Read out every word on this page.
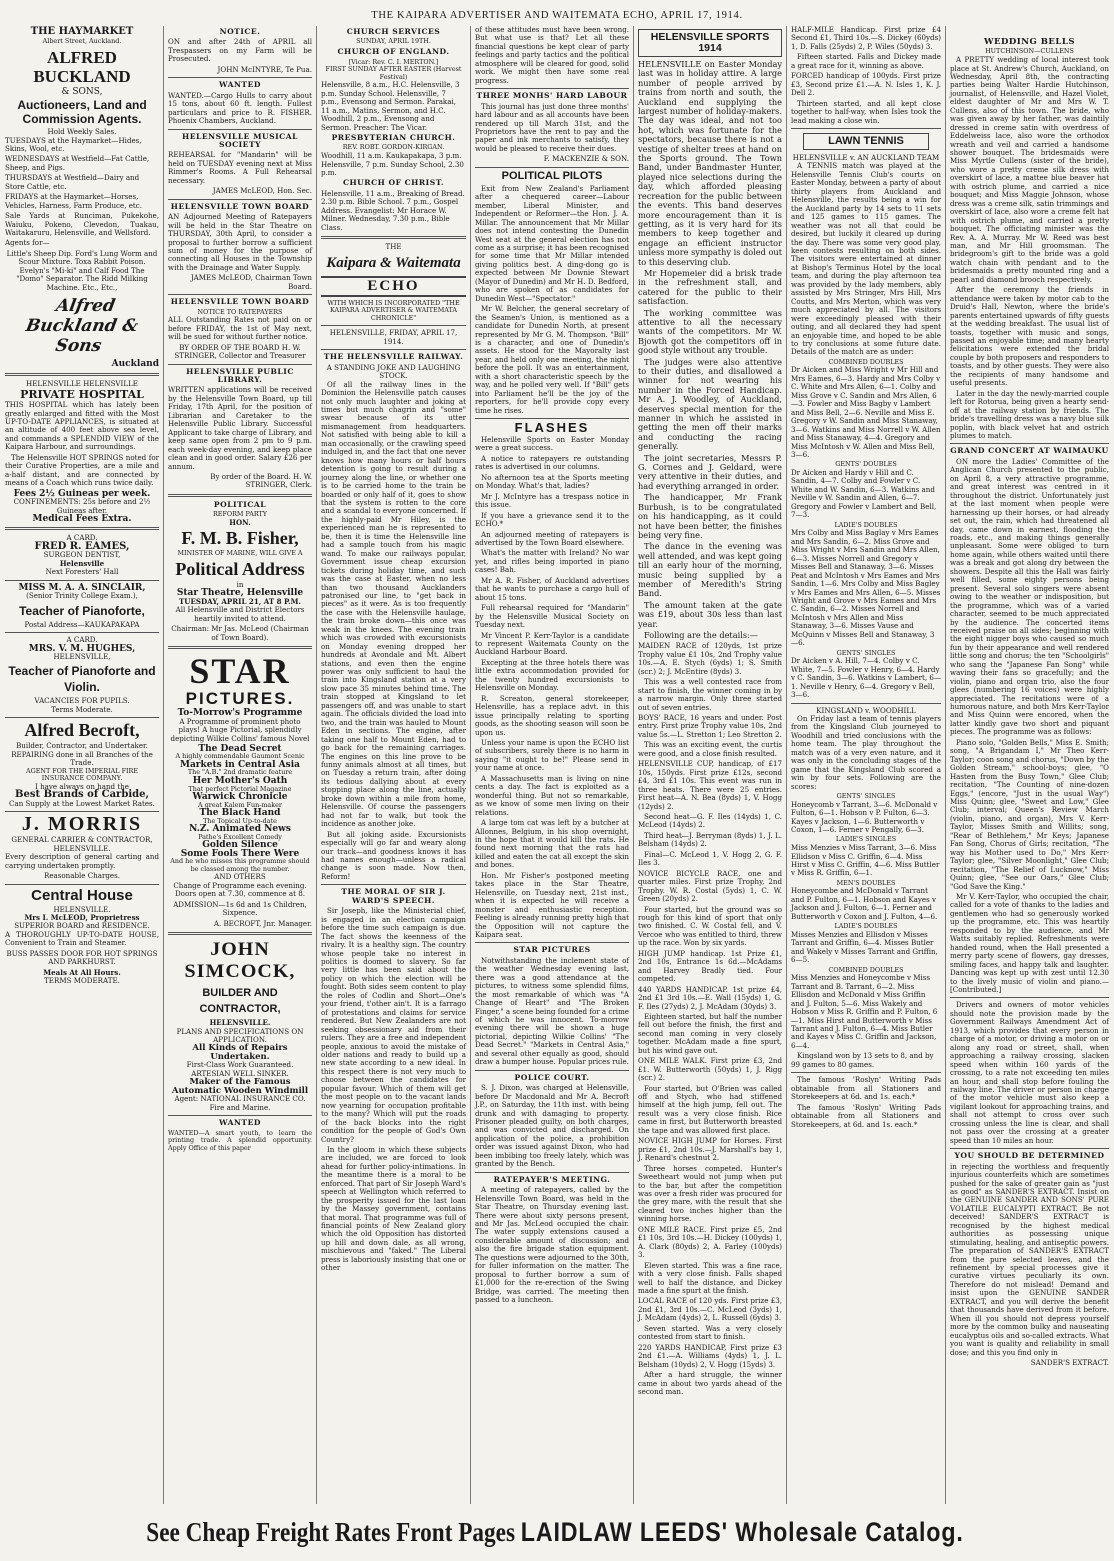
THE KAIPARA ADVERTISER AND WAITEMATA ECHO, APRIL 17, 1914.
THE HAYMARKET
Albert Street, Auckland.
ALFRED BUCKLAND
& SONS,
Auctioneers, Land and Commission Agents.
Hold Weekly Sales.

TUESDAYS at the Haymarket—Hides, Skins, Wool, etc.

WEDNESDAYS at Westfield—Fat Cattle, Sheep, and Pigs.

THURSDAYS at Westfield—Dairy and Store Cattle, etc.

FRIDAYS at the Haymarket—Horses, Vehicles, Harness, Farm Produce, etc.

Sale Yards at Runciman, Pukekohe, Waiuku, Pokeno, Clevedon, Tuakau, Waitakaruru, Helensville, and Wellsford.

Agents for—

Little's Sheep Dip. Ford's Lung Worm and Scour Mixture. Toxa Rabbit Poison. Evelyn's "Mi-ki" and Calf Food The "Domo" Separator. The Ridd Milking Machine. Etc., Etc.,

Alfred Buckland & Sons
Auckland
HELENSVILLE HELENSVILLE
PRIVATE HOSPITAL

THIS HOSPITAL which has lately been greatly enlarged and fitted with the Most UP-TO-DATE APPLIANCES, is situated at an altitude of 400 feet above sea level, and commands a SPLENDID VIEW of the Kaipara Harbour, and surroundings.

The Helensville HOT SPRINGS noted for their Curative Properties, are a mile and a-half distant, and are connected by means of a Coach which runs twice daily.

Fees 2½ Guineas per week.
CONFINEMENTS: 25s before and 2½ Guineas after.
Medical Fees Extra.
A CARD.
FRED R. EAMES,
SURGEON DENTIST,
Helensville
Next Foresters' Hall
MISS M. A. A. SINCLAIR,
(Senior Trinity College Exam.),
Teacher of Pianoforte,
Postal Address—KAUKAPAKAPA
A CARD.
MRS. V. M. HUGHES,
HELENSVILLE,
Teacher of Pianoforte and Violin.
VACANCIES FOR PUPILS.
Terms Moderate.
Alfred Becroft,
Builder, Contractor, and Undertaker.
REPAIRING done in all Branches of the Trade.
AGENT FOR THE IMPERIAL FIRE INSURANCE COMPANY.
I have always on hand the
Best Brands of Carbide,
Can Supply at the Lowest Market Rates.
J. MORRIS
GENERAL CARRIER & CONTRACTOR, HELENSVILLE.

Every description of general carting and carrying undertaken promptly.

Reasonable Charges.
Central House
HELENSVILLE.
Mrs I. McLEOD, Proprietress
SUPERIOR BOARD and RESIDENCE.

A THOROUGHLY UP-TO-DATE HOUSE, Convenient to Train and Steamer.

BUSS PASSES DOOR FOR HOT SPRINGS AND PARKHURST.

Meals At All Hours.
TERMS MODERATE.
NOTICE.

ON and after 24th of APRIL all Trespassers on my Farm will be Prosecuted.

JOHN McINTYRE, Te Pua.
WANTED

WANTED.—Cargo Hulls to carry about 15 tons, about 60 ft. length. Fullest particulars and price to R. FISHER. Phoenix Chambers, Auckland.

HELENSVILLE MUSICAL SOCIETY

REHEARSAL for "Mandarin" will be held on TUESDAY evening next at Miss Rimmer's Rooms. A Full Rehearsal necessary.

JAMES McLEOD, Hon. Sec.
HELENSVILLE TOWN BOARD

AN Adjourned Meeting of Ratepayers will be held in the Star Theatre on THURSDAY, 30th April, to consider a proposal to further borrow a sufficient sum of money for the purpose of connecting all Houses in the Township with the Drainage and Water Supply.

JAMES McLEOD, Chairman Town Board.
HELENSVILLE TOWN BOARD
NOTICE TO RATEPAYERS

ALL Outstanding Rates not paid on or before FRIDAY, the 1st of May next, will be sued for without further notice.

BY ORDER OF THE BOARD H. W. STRINGER, Collector and Treasurer
HELENSVILLE PUBLIC LIBRARY.

WRITTEN applications will be received by the Helensville Town Board, up till Friday, 17th April, for the position of Librarian and Caretaker to the Helensville Public Library. Successful Applicant to take charge of Library, and keep same open from 2 pm to 9 p.m. each week-day evening, and keep place clean and in good order. Salary £26 per annum.

By order of the Board. H. W. STRINGER, Clerk.
POLITICAL
REFORM PARTY
HON.
F. M. B. Fisher,
MINISTER OF MARINE, WILL GIVE A
Political Address
in
Star Theatre, Helensville
TUESDAY, APRIL 21, AT 8 P.M.

All Helensville and District Electors heartily invited to attend.

Chairman: Mr Jas. McLeod (Chairman of Town Board).

STAR
PICTURES.
To-Morrow's Programme

A Programme of prominent photo plays! A huge Pictorial, splendidly depicting Wilkie Collins' famous Novel

The Dead Secret
A highly commendable Gaumont Scenic
Markets in Central Asia
The "A.B." 2nd dramatic feature
Her Mother's Oath
That perfect Pictorial Magazine
Warwick Chronicle
A great Kalem Fun-maker
The Black Hand
The Topical Up-to-date
N.Z. Animated News
Pathe's Excellent Comedy
Golden Silence
Some Fools There Were
And he who misses this programme should be classed among the number.
AND OTHERS

Change of Programme each evening. Doors open at 7.30, commence at 8.

ADMISSION—1s 6d and 1s Children, Sixpence.

A. BECROFT, Jnr. Manager.
JOHN SIMCOCK,
BUILDER AND CONTRACTOR,
HELENSVILLE.
PLANS AND SPECIFICATIONS ON APPLICATION.
All Kinds of Repairs Undertaken.
First-Class Work Guaranteed. ARTESIAN WELL SINKER.
Maker of the Famous Automatic Wooden Windmill
Agent: NATIONAL INSURANCE CO. Fire and Marine.
WANTED

WANTED—A smart youth, to learn the printing trade. A splendid opportunity. Apply Office of this paper

CHURCH SERVICES
SUNDAY, APRIL 19TH.
CHURCH OF ENGLAND.
[Vicar: Rev. C. I. MERTON.]
FIRST SUNDAY AFTER EASTER (Harvest Festival)

Helensville, 8 a.m., H.C. Helensville, 3 p.m. Sunday School. Helensville, 7 p.m., Evensong and Sermon. Parakai, 11 a.m., Matins, Sermon, and H.C. Woodhill, 2 p.m., Evensong and Sermon. Preacher: The Vicar.

PRESBYTERIAN CHURCH.
REV. ROBT. GORDON-KIRGAN.

Woodhill, 11 a.m. Kaukapakapa, 3 p.m. Helensville, 7 p.m. Sunday School, 2.30 p.m.

CHURCH OF CHRIST.

Helensville, 11 a.m., Breaking of Bread. 2.30 p.m. Bible School. 7 p.m., Gospel Address. Evangelist: Mr Horace W. Milner. Wednesday, 7.30 p.m., Bible Class.

THE
Kaipara & Waitemata
ECHO

WITH WHICH IS INCORPORATED "THE KAIPARA ADVERTISER & WAITEMATA CHRONICLE"

HELENSVILLE, FRIDAY, APRIL 17, 1914.
THE HELENSVILLE RAILWAY.
A STANDING JOKE AND LAUGHING STOCK.

Of all the railway lines in the Dominion the Helensville patch causes not only much laughter and joking at times but much chagrin and "some" swear because of its utter mismanagement from headquarters. Not satisfied with being able to kill a man occasionally, or the crawling speed indulged in, and the fact that one never knows how many hours or half hours detention is going to result during a journey along the line, or whether one is to be carried home to the train be boarded or only half of it, goes to show that the system is rotten to the core and a scandal to everyone concerned. If the highly-paid Mr Hiley, is the experienced man he is represented to be, then it is time the Helensville line had a sample touch from his magic wand. To make our railways popular, Government issue cheap excursion tickets during holiday time, and such was the case at Easter, when no less than two thousand Aucklanders patronised our line, to "get back in pieces" as it were. As is too frequently the case with the Helensville haulage, the train broke down—this once was weak in the knees. The evening train which was crowded with excursionists on Monday evening dropped her hundreds at Avondale and Mt. Albert stations, and even then the engine power was only sufficient to haul the train into Kingsland station at a very slow pace 35 minutes behind time. The train stopped at Kingsland to let passengers off, and was unable to start again. The officials divided the load into two, and the train was hauled to Mount Eden in sections. The engine, after taking one half to Mount Eden, had to go back for the remaining carriages. The engines on this line prove to be funny animals almost at all times, but on Tuesday a return train, after doing its tedious dallying about at every stopping place along the line, actually broke down within a mile from home, Helensville. Of course the passengers had not far to walk, but took the incidence as another joke.

But all joking aside. Excursionists especially will go far and weary along our track—and goodness knows it has had names enough—unless a radical change is soon made. Now then, Reform!

THE MORAL OF SIR J. WARD'S SPEECH.

Sir Joseph, like the Ministerial chief, is engaged in an election campaign before the time such campaign is due. The fact shows the keenness of the rivalry. It is a healthy sign. The country whose people take no interest in politics is doomed to slavery. So far very little has been said about the policy on which the election will be fought. Both sides seem content to play the roles of Codlin and Short—One's your friend, t'other ain't. It is a farrago of protestations and claims for service rendered. But New Zealanders are not seeking obsessionary aid from their rulers. They are a free and independent people, anxious to avoid the mistake of older nations and ready to build up a new state according to a new ideal. In this respect there is not very much to choose between the candidates for popular favour. Which of them will get the most people on to the vacant lands now yearning for occupation profitable to the many? Which will put the roads of the back blocks into the right condition for the people of God's Own Country?

In the gloom in which these subjects are included, we are forced to look ahead for further policy-intimations. In the meantime there is a moral to be enforced. That part of Sir Joseph Ward's speech at Wellington which referred to the prosperity issued for the last loan by the Massey government, contains that moral. That programme was full of financial points of New Zealand glory which the old Opposition has distorted up hill and down dale, as all wrong, mischievous and "faked." The Liberal press is laboriously insisting that one or other

of these attitudes must have been wrong. But what use is that? Let all these financial questions be kept clear of party feelings and party tactics and the political atmosphere will be cleared for good, solid work. We might then have some real progress.

THREE MONHS' HARD LABOUR

This journal has just done three months' hard labour and as all accounts have been rendered up till March 31st, and the Proprietors have the rent to pay and the paper and ink merchants to satisfy, they would be pleased to receive their dues.

F. MACKENZIE & SON.
POLITICAL PILOTS

Exit from New Zealand's Parliament after a chequered career—Labour member, Liberal Minister, and Independent or Reformer—the Hon. J. A. Millar. The announcement that Mr Millar does not intend contesting the Dunedin West seat at the general election has not come as a surprise; it has been recognised for some time that Mr Millar intended giving politics best. A ding-dong go is expected between Mr Downie Stewart (Mayor of Dunedin) and Mr H. D. Bedford, who are spoken of as candidates for Dunedin West—"Spectator."

Mr W. Belcher, the general secretary of the Seamen's Union, is mentioned as a candidate for Dunedin North, at present represented by Mr G. M. Thompson. "Bill" is a character, and one of Dunedin's assets. He stood for the Mayoralty last year, and held only one meeting, the night before the poll. It was an entertainment, with a short characteristic speech by the way, and he polled very well. If "Bill" gets into Parliament he'll be the joy of the reporters, for he'll provide copy every time he rises.

FLASHES

Helensville Sports on Easter Monday were a great success.

A notice to ratepayers re outstanding rates is advertised in our columns.

No afternoon tea at the Sports meeting on Monday. What's that, ladies?

Mr J. McIntyre has a trespass notice in this issue.

If you have a grievance send it to the ECHO.*

An adjourned meeting of ratepayers is advertised by the Town Board elsewhere.

What's the matter with Ireland? No war yet, and rifles being imported in piano cases! Bah.

Mr A. R. Fisher, of Auckland advertises that he wants to purchase a cargo hull of about 15 tons.

Full rehearsal required for "Mandarin" by the Helensville Musical Society on Tuesday next.

Mr Vincent P. Kerr-Taylor is a candidate to represent Waitemata County on the Auckland Harbour Board.

Excepting at the three hotels there was little extra accommodation provided for the twenty hundred excursionists to Helensville on Monday.

R. Screaton, general storekeeper, Helensville, has a replace advt. in this issue principally relating to sporting goods, as the shooting season will soon be upon us.

Unless your name is upon the ECHO list of subscribers, surely there is no harm in saying "it ought to be!" Please send in your name at once.

A Massachusetts man is living on nine cents a day. The fact is exploited as a wonderful thing. But not so remarkable, as we know of some men living on their relations.

A large tom cat was left by a butcher at Allonnes, Belgium, in his shop overnight, in the hope that it would kill the rats. He found next morning that the rats had killed and eaten the cat all except the skin and bones.

Hon. Mr Fisher's postponed meeting takes place in the Star Theatre, Helensville, on Tuesday next, 21st inst., when it is expected he will receive a monster and enthusiastic reception. Feeling is already running pretty high that the Opposition will not capture the Kaipara seat.

STAR PICTURES

Notwithstanding the inclement state of the weather Wednesday evening last, there was a good attendance at the pictures, to witness some splendid films, the most remarkable of which was "A Change of Heart" and "The Broken Finger," a scene being founded for a crime of which he was innocent. To-morrow evening there will be shown a huge pictorial, depicting Wilkie Collins' "The Dead Secret." "Markets in Central Asia," and several other equally as good, should draw a bumper house. Popular prices rule.

POLICE COURT.

S. J. Dixon, was charged at Helensville, before Dr Macdonald and Mr A. Becroft J.P., on Saturday, the 11th inst. with being drunk and with damaging to property. Prisoner pleaded guilty, on both charges, and was convicted and discharged. On application of the police, a prohibition order was issued against Dixon, who had been imbibing too freely lately, which was granted by the Bench.

RATEPAYER'S MEETING.

A meeting of ratepayers, called by the Helensville Town Board, was held in the Star Theatre, on Thursday evening last. There were about sixty persons present, and Mr Jas. McLeod occupied the chair. The water supply extensions caused a considerable amount of discussion; and also the fire brigade station equipment. The questions were adjourned to the 30th, for fuller information on the matter. The proposal to further borrow a sum of £1,000 for the re-erection of the Swing Bridge, was carried. The meeting then passed to a luncheon.

HELENSVILLE SPORTS 1914

HELENSVILLE on Easter Monday last was in holiday attire. A large number of people arrived by trains from north and south, the Auckland end supplying the largest number of holiday-makers. The day was ideal, and not too hot, which was fortunate for the spectators, because there is not a vestige of shelter trees at hand on the Sports ground. The Town Band, under Bandmaster Hunter, played nice selections during the day, which afforded pleasing recreation for the public between the events. This band deserves more encouragement than it is getting, as it is very hard for its members to keep together and engage an efficient instructor unless more sympathy is doled out to this deserving club.

Mr Hopemeier did a brisk trade in the refreshment stall, and catered for the public to their satisfaction.

The working committee was attentive to all the necessary wants of the competitors. Mr W. Bjowth got the competitors off in good style without any trouble.

The judges were also attentive to their duties, and disallowed a winner for not wearing his number in the Forced Handicap. Mr A. J. Woodley, of Auckland, deserves special mention for the manner in which he assisted in getting the men off their marks and conducting the racing generally.

The joint secretaries, Messrs P. G. Cornes and J. Geldard, were very attentive in their duties, and had everything arranged in order.

The handicapper, Mr Frank Burbush, is to be congratulated on his handicapping, as it could not have been better, the finishes being very fine.

The dance in the evening was well attended, and was kept going till an early hour of the morning, music being supplied by a member of Meredith's String Band.

The amount taken at the gate was £19, about 30s less than last year.

Following are the details:—

MAIDEN RACE of 120yds, 1st prize Trophy value £1 10s, 2nd Trophy value 10s.—A. E. Stych (6yds) 1; S. Smith (scr.) 2; J. McEntire (8yds) 3.

This was a well contested race from start to finish, the winner coming in by a narrow margin. Only three started out of seven entries.

BOYS' RACE, 16 years and under. Post entry. First prize Trophy value 10s, 2nd value 5s.—L. Stretton 1; Leo Stretton 2.

This was an exciting event, the curtis were good, and a close finish resulted.

HELENSVILLE CUP, handicap, of £17 10s, 150yds. First prize £12s, second £4, 3rd £1 10s. This event was run in three heats. There were 25 entries. First heat—A. N. Bea (8yds) 1, V. Hogg (12yds) 2.

Second heat—G. F. Iles (14yds) 1, C. McLeod (14yds) 2.

Third heat—J. Berryman (8yds) 1, J. L. Belsham (14yds) 2.

Final—C. McLeod 1, V. Hogg 2, G. F. Iles 3.

NOVICE BICYCLE RACE, one and quarter miles. First prize Trophy, 2nd Trophy. W. R. Costal (5yds) 1, C. W. Green (20yds) 2.

Four started, but the ground was so rough for this kind of sport that only two finished. C. W. Costal fell, and V. Vercoe who was entitled to third, threw up the race. Won by six yards.

HIGH JUMP handicap. 1st Prize £1, 2nd 10s, Entrance 1s 6d.—McAdams and Harvey Bradly tied. Four competed.

440 YARDS HANDICAP. 1st prize £4, 2nd £1 3rd 10s.—E. Wall (15yds) 1, G. F. Iles (27yds) 2, J. McAdam (30yds) 3.

Eighteen started, but half the number fell out before the finish, the first and second man coming in very closely together. McAdam made a fine spurt, but his wind gave out.

ONE MILE WALK. First prize £3, 2nd £1. W. Butterworth (50yds) 1, J. Rigg (scr.) 2.

Four started, but O'Brien was called off and Stych, who had stiffened himself at the high jump, fell out. The result was a very close finish. Rice came in first, but Butterworth breasted the tape and was allowed first place.

NOVICE HIGH JUMP for Horses. First prize £1, 2nd 10s.—J. Marshall's bay 1, J. Renard's chestnut 2.

Three horses competed. Hunter's Sweetheart would not jump when put to the bar, but after the competition was over a fresh rider was procured for the grey mare, with the result that she cleared two inches higher than the winning horse.

ONE MILE RACE. First prize £5, 2nd £1 10s, 3rd 10s.—H. Dickey (100yds) 1, A. Clark (80yds) 2, A. Farley (100yds) 3.

Eleven started. This was a fine race, with a very close finish. Falls shaped well to half the distance, and Dickey made a fine spurt at the finish.

LOCAL RACE of 120 yds. First prize £3, 2nd £1, 3rd 10s.—C. McLeod (3yds) 1, J. McAdam (4yds) 2, L. Russell (6yds) 3.

Seven started. Was a very closely contested from start to finish.

220 YARDS HANDICAP, First prize £3 2nd £1.—A. Williams (4yds) 1, J. L. Belsham (10yds) 2, V. Hogg (15yds) 3.

After a hard struggle, the winner came in about two yards ahead of the second man.

HALF-MILE Handicap. First prize £4 Second £1, Third 10s.—S. Dickey (60yds) 1, D. Falls (25yds) 2, P. Wiles (50yds) 3.

Fifteen started. Falls and Dickey made a great race for it, winning as above.

FORCED handicap of 100yds. First prize £3, Second prize £1.—A. N. Isles 1, K. J. Dell 2.

Thirteen started, and all kept close together to half-way, when Isles took the lead making a close win.

LAWN TENNIS
HELENSVILLE v. AN AUCKLAND TEAM

A TENNIS match was played at the Helensville Tennis Club's courts on Easter Monday, between a party of about thirty players from Auckland and Helensville, the results being a win for the Auckland party by 14 sets to 11 sets and 125 games to 115 games. The weather was not all that could be desired, but luckily it cleared up during the day. There was some very good play, keen contests resulting on both sides. The visitors were entertained at dinner at Bishop's Terminus Hotel by the local team, and during the play afternoon tea was provided by the lady members, ably assisted by Mrs Stringer, Mrs Hill, Mrs Coutts, and Mrs Merton, which was very much appreciated by all. The visitors were exceedingly pleased with their outing, and all declared they had spent an enjoyable time, and hoped to be able to try conclusions at some future date. Details of the match are as under:

COMBINED DOUBLES

Dr Aicken and Miss Wright v Mr Hill and Mrs Eames, 6—3. Hardy and Mrs Colby v C. White and Mrs Allen, 6—1. Colby and Miss Grove v C. Sandin and Mrs Allen, 6—3. Fowler and Miss Bagby v Lambert and Miss Bell, 2—6. Neville and Miss E. Gregory v W. Sandin and Miss Stanaway, 3—6. Watkins and Miss Norrell v W. Allen and Miss Stanaway, 4—4. Gregory and Miss McIntosh v W. Allen and Miss Bell, 3—6.

GENTS' DOUBLES

Dr Aicken and Hardy v Hill and C. Sandin, 4—7. Colby and Fowler v C. White and W. Sandin, 6—3. Watkins and Neville v W. Sandin and Allen, 6—7. Gregory and Fowler v Lambert and Bell, 7—3.

LADIE'S DOUBLES

Mrs Colby and Miss Baglay v Mrs Eames and Mrs Sandin, 6—2. Miss Grove and Miss Wright v Mrs Sandin and Mrs Allen, 6—3. Misses Norrell and Gregory v Misses Bell and Stanaway, 3—6. Misses Peat and McIntosh v Mrs Eames and Mrs Sandin, 1—6. Mrs Colby and Miss Bagley v Mrs Eames and Mrs Allen, 6—5. Misses Wright and Grove v Mrs Eames and Mrs C. Sandin, 6—2. Misses Norrell and McIntosh v Mrs Allen and Miss Stanaway, 3—6. Misses Vause and McQuinn v Misses Bell and Stanaway, 3—6.

GENTS' SINGLES

Dr Aicken v A. Hill, 7—4. Colby v C. White, 7—5. Fowler v Henry, 6—4. Hardy v C. Sandin, 3—6. Watkins v Lambert, 6—1. Neville v Henry, 6—4. Gregory v Bell, 3—6.

KINGSLAND v. WOODHILL

On Friday last a team of tennis players from the Kingsland Club journeyed to Woodhill and tried conclusions with the home team. The play throughout the match was of a very even nature, and it was only in the concluding stages of the game that the Kingsland Club scored a win by four sets. Following are the scores:

GENTS' SINGLES

Honeycomb v Tarrant, 3—6. McDonald v Fulton, 6—1. Hobson v P. Fulton, 6—3. Kayes v Jackson, 1—6. Butterworth v Coxon, 1—6. Ferner v Pengally, 6—3.

LADIE'S SINGLES

Miss Menzies v Miss Tarrant, 3—6. Miss Ellidson v Miss C. Griffin, 6—4. Miss Hirst v Miss C. Griffin, 4—6. Miss Buttler v Miss R. Griffin, 6—1.

MEN'S DOUBLES

Honeycombe and McDonald v Tarrant and P. Fulton, 6—1. Hobson and Kayes v Jackson and J. Fulton, 6—1. Ferner and Butterworth v Coxon and J. Fulton, 4—6.

LADIE'S DOUBLES

Misses Menzies and Ellisdon v Misses Tarrant and Griffin, 6—4. Misses Butler and Wakely v Misses Tarrant and Griffin, 6—5.

COMBINED DOUBLES

Miss Menzies and Honeycombe v Miss Tarrant and B. Tarrant, 6—2. Miss Ellisdon and McDonald v Miss Griffin and J. Fulton, 5—6. Miss Wakely and Hobson v Miss R. Griffin and P. Fulton, 6—1. Miss Hirst and Butterworth v Miss Tarrant and J. Fulton, 6—4. Miss Butler and Kayes v Miss C. Griffin and Jackson, 6—4.

Kingsland won by 13 sets to 8, and by 99 games to 80 games.

The famous 'Roslyn' Writing Pads obtainable from all Stationers and Storekeepers at 6d. and 1s. each.*

The famous 'Roslyn' Writing Pads obtainable from all Stationers and Storekeepers, at 6d. and 1s. each.*

WEDDING BELLS
HUTCHINSON—CULLENS

A PRETTY wedding of local interest took place at St. Andrew's Church, Auckland, on Wednesday, April 8th, the contracting parties being Walter Hardie Hutchinson, journalist, of Helensville, and Hazel Violet, eldest daughter of Mr and Mrs W. T. Cullens, also of this town. The bride, who was given away by her father, was daintily dressed in creme satin with overdress of Eddelweiss lace, also wore the orthodox wreath and veil and carried a handsome shower bouquet. The bridesmaids were Miss Myrtle Cullens (sister of the bride), who wore a pretty creme silk dress with overskirt of lace, a mattee blue beaver hat with ostrich plume, and carried a nice bouquet; and Miss Maggie Johnson, whose dress was a creme silk, satin trimmings and overskirt of lace, also wore a creme felt hat with ostrich plume, and carried a pretty bouquet. The officiating minister was the Rev. A. A. Murray. Mr W. Reed was best man, and Mr Hill groomsman. The bridegroom's gift to the bride was a gold watch chain with pendant and to the bridesmaids a pretty mounted ring and a pearl and diamond brooch respectively.

After the ceremony the friends in attendance were taken by motor cab to the Druid's Hall, Newton, where the bride's parents entertained upwards of fifty guests at the wedding breakfast. The usual list of toasts, together with music and songs, passed an enjoyable time; and many hearty felicitations were extended the bridal couple by both proposers and responders to toasts, and by other guests. They were also the recipients of many handsome and useful presents.

Later in the day the newly-married couple left for Rotorua, being given a hearty send-off at the railway station by friends. The bride's travelling dress was a navy blue silk poplin, with black velvet hat and ostrich plumes to match.

GRAND CONCERT AT WAIMAUKU

ON more the Ladies' Committee of the Anglican Church presented to the public, on April 8, a very attractive programme, and great interest was centred in it throughout the district. Unfortunately just at the last moment when people were harnessing up their horses, or had already set out, the rain, which had threatened all day, came down in earnest, flooding the roads, etc., and making things generally unpleasant. Some were obliged to turn home again, while others waited until there was a break and got along dry between the showers. Despite all this the Hall was fairly well filled, some eighty persons being present. Several solo singers were absent owing to the weather or indisposition, but the programme, which was of a varied character, seemed to be much appreciated by the audience. The concerted items received praise on all sides; beginning with the eight nigger boys who caused so much fun by their appearance and well rendered little song and chorus; the ten "Schoolgirls" who sang the "Japanese Fan Song" while waving their fans so gracefully; and the violin, piano and organ trio, also the four glees (numbering 16 voices) were highly appreciated. The recitations were of a humorous nature, and both Mrs Kerr-Taylor and Miss Quinn were encored, when the latter kindly gave two short and piquant pieces. The programme was as follows:

Piano solo, "Golden Bells," Miss E. Smith; song, "A Brigandam I," Mr Theo Kerr-Taylor; coon song and chorus, "Down by the Golden Stream," school-boys; glee, "O Hasten from the Busy Town," Glee Club; recitation, "The Counting of nine-dozen Eggs," (encore, "Just in the usual Way") Miss Quinn; glee, "Sweet and Low," Glee Club; interval; Queen's Review March (violin, piano, and organ), Mrs V. Kerr-Taylor, Misses Smith and Willits; song, "Rear of Bethlehem," Mr Keys; Japanese Fan Song, Chorus of Girls; recitation, "The way his Mother used to Do," Mrs Kerr-Taylor; glee, "Silver Moonlight," Glee Club; recitation, "The Relief of Lucknow," Miss Quinn; glee, "See our Oars," Glee Club; "God Save the King."

Mr V. Kerr-Taylor, who occupied the chair, called for a vote of thanks to the ladies and gentlemen who had so generously worked up the programme, etc. This was heartily responded to by the audience, and Mr Watts suitably replied. Refreshments were handed round, when the Hall presented a merry party scene of flowers, gay dresses, smiling faces, and happy talk and laughter. Dancing was kept up with zest until 12.30 to the lively music of violin and piano.—[Contributed.]

Drivers and owners of motor vehicles should note the provision made by the Government Railways Amendment Act of 1913, which provides that every person in charge of a motor, or driving a motor on or along any road or street, shall, when approaching a railway crossing, slacken speed when within 160 yards of the crossing, to a rate not exceeding ten miles an hour, and shall stop before fouling the railway line. The driver or person in charge of the motor vehicle must also keep a vigilant lookout for approaching trains, and shall not attempt to cross over such crossing unless the line is clear, and shall not pass over the crossing at a greater speed than 10 miles an hour.

YOU SHOULD BE DETERMINED

in rejecting the worthless and frequently injurious counterfeits which are sometimes pushed for the sake of greater gain as "just as good" as SANDER'S EXTRACT. Insist on the GENUINE SANDER AND SONS' PURE VOLATILE EUCALYPTI EXTRACT. Be not deceived! SANDER'S EXTRACT is recognised by the highest medical authorities as possessing unique stimulating, healing, and antiseptic powers. The preparation of SANDER'S EXTRACT from the pure selected leaves, and the refinement by special processes give it curative virtues peculiarly its own. Therefore do not mislead! Demand and insist upon the GENUINE SANDER EXTRACT, and you will derive the benefit that thousands have derived from it before. When ill you should not depress yourself more by the common bulky and nauseating eucalyptus oils and so-called extracts. What you want is quality and reliability in small dose; and this you find only in

SANDER'S EXTRACT.
See Cheap Freight Rates Front Pages LAIDLAW LEEDS' Wholesale Catalog.
